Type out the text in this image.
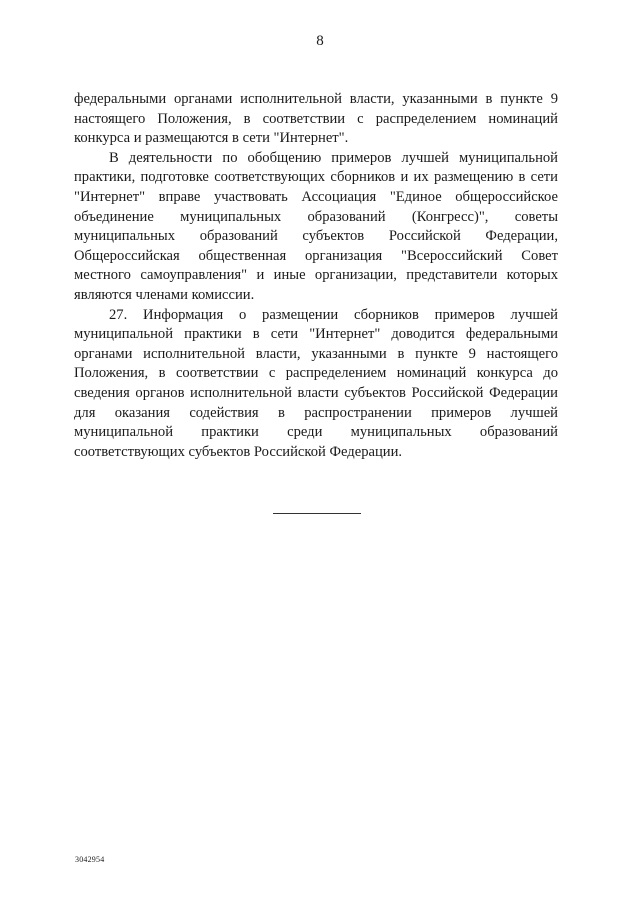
8

федеральными органами исполнительной власти, указанными в пункте 9 настоящего Положения, в соответствии с распределением номинаций конкурса и размещаются в сети "Интернет".

В деятельности по обобщению примеров лучшей муниципальной практики, подготовке соответствующих сборников и их размещению в сети "Интернет" вправе участвовать Ассоциация "Единое общероссийское объединение муниципальных образований (Конгресс)", советы муниципальных образований субъектов Российской Федерации, Общероссийская общественная организация "Всероссийский Совет местного самоуправления" и иные организации, представители которых являются членами комиссии.

27. Информация о размещении сборников примеров лучшей муниципальной практики в сети "Интернет" доводится федеральными органами исполнительной власти, указанными в пункте 9 настоящего Положения, в соответствии с распределением номинаций конкурса до сведения органов исполнительной власти субъектов Российской Федерации для оказания содействия в распространении примеров лучшей муниципальной практики среди муниципальных образований соответствующих субъектов Российской Федерации.

3042954
